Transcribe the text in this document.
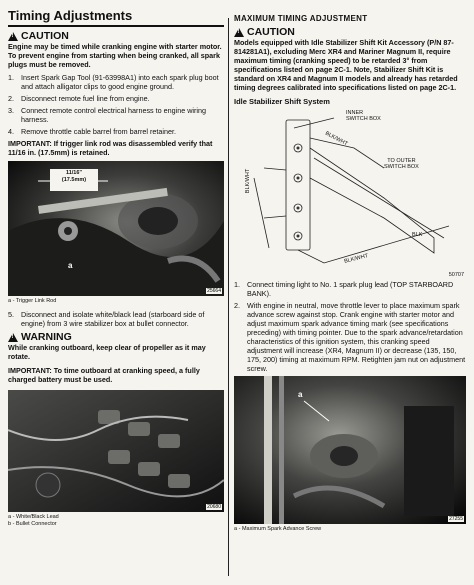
Timing Adjustments
!
CAUTION
Engine may be timed while cranking engine with starter motor. To prevent engine from starting when being cranked, all spark plugs must be removed.
1. Insert Spark Gap Tool (91-63998A1) into each spark plug boot and attach alligator clips to good engine ground.
2. Disconnect remote fuel line from engine.
3. Connect remote control electrical harness to engine wiring harness.
4. Remove throttle cable barrel from barrel retainer.
IMPORTANT: If trigger link rod was disassembled verify that 11/16 in. (17.5mm) is retained.
11/16"
(17.5mm)
a
25664
a - Trigger Link Rod
5. Disconnect and isolate white/black lead (starboard side of engine) from 3 wire stabilizer box at bullet connector.
!
WARNING
While cranking outboard, keep clear of propeller as it may rotate.
IMPORTANT: To time outboard at cranking speed, a fully charged battery must be used.
20680
a - White/Black Lead
b - Bullet Connector
MAXIMUM TIMING ADJUSTMENT
!
CAUTION
Models equipped with Idle Stabilizer Shift Kit Accessory (P/N 87-814281A1), excluding Merc XR4 and Mariner Magnum II, require maximum timing (cranking speed) to be retarded 3° from specifications listed on page 2C-1. Note, Stabilizer Shift Kit is standard on XR4 and Magnum II models and already has retarded timing degrees calibrated into specifications listed on page 2C-1.
Idle Stabilizer Shift System
INNER
SWITCH BOX
TO OUTER
SWITCH BOX
BLK/WHT
BLK/WHT
BLK
BLK/WHT
50707
1. Connect timing light to No. 1 spark plug lead (TOP STARBOARD BANK).
2. With engine in neutral, move throttle lever to place maximum spark advance screw against stop. Crank engine with starter motor and adjust maximum spark advance timing mark (see specifications preceding) with timing pointer. Due to the spark advance/retardation characteristics of this ignition system, this cranking speed adjustment will increase (XR4, Magnum II) or decrease (135, 150, 175, 200) timing at maximum RPM. Retighten jam nut on adjustment screw.
a
27255
a - Maximum Spark Advance Screw
